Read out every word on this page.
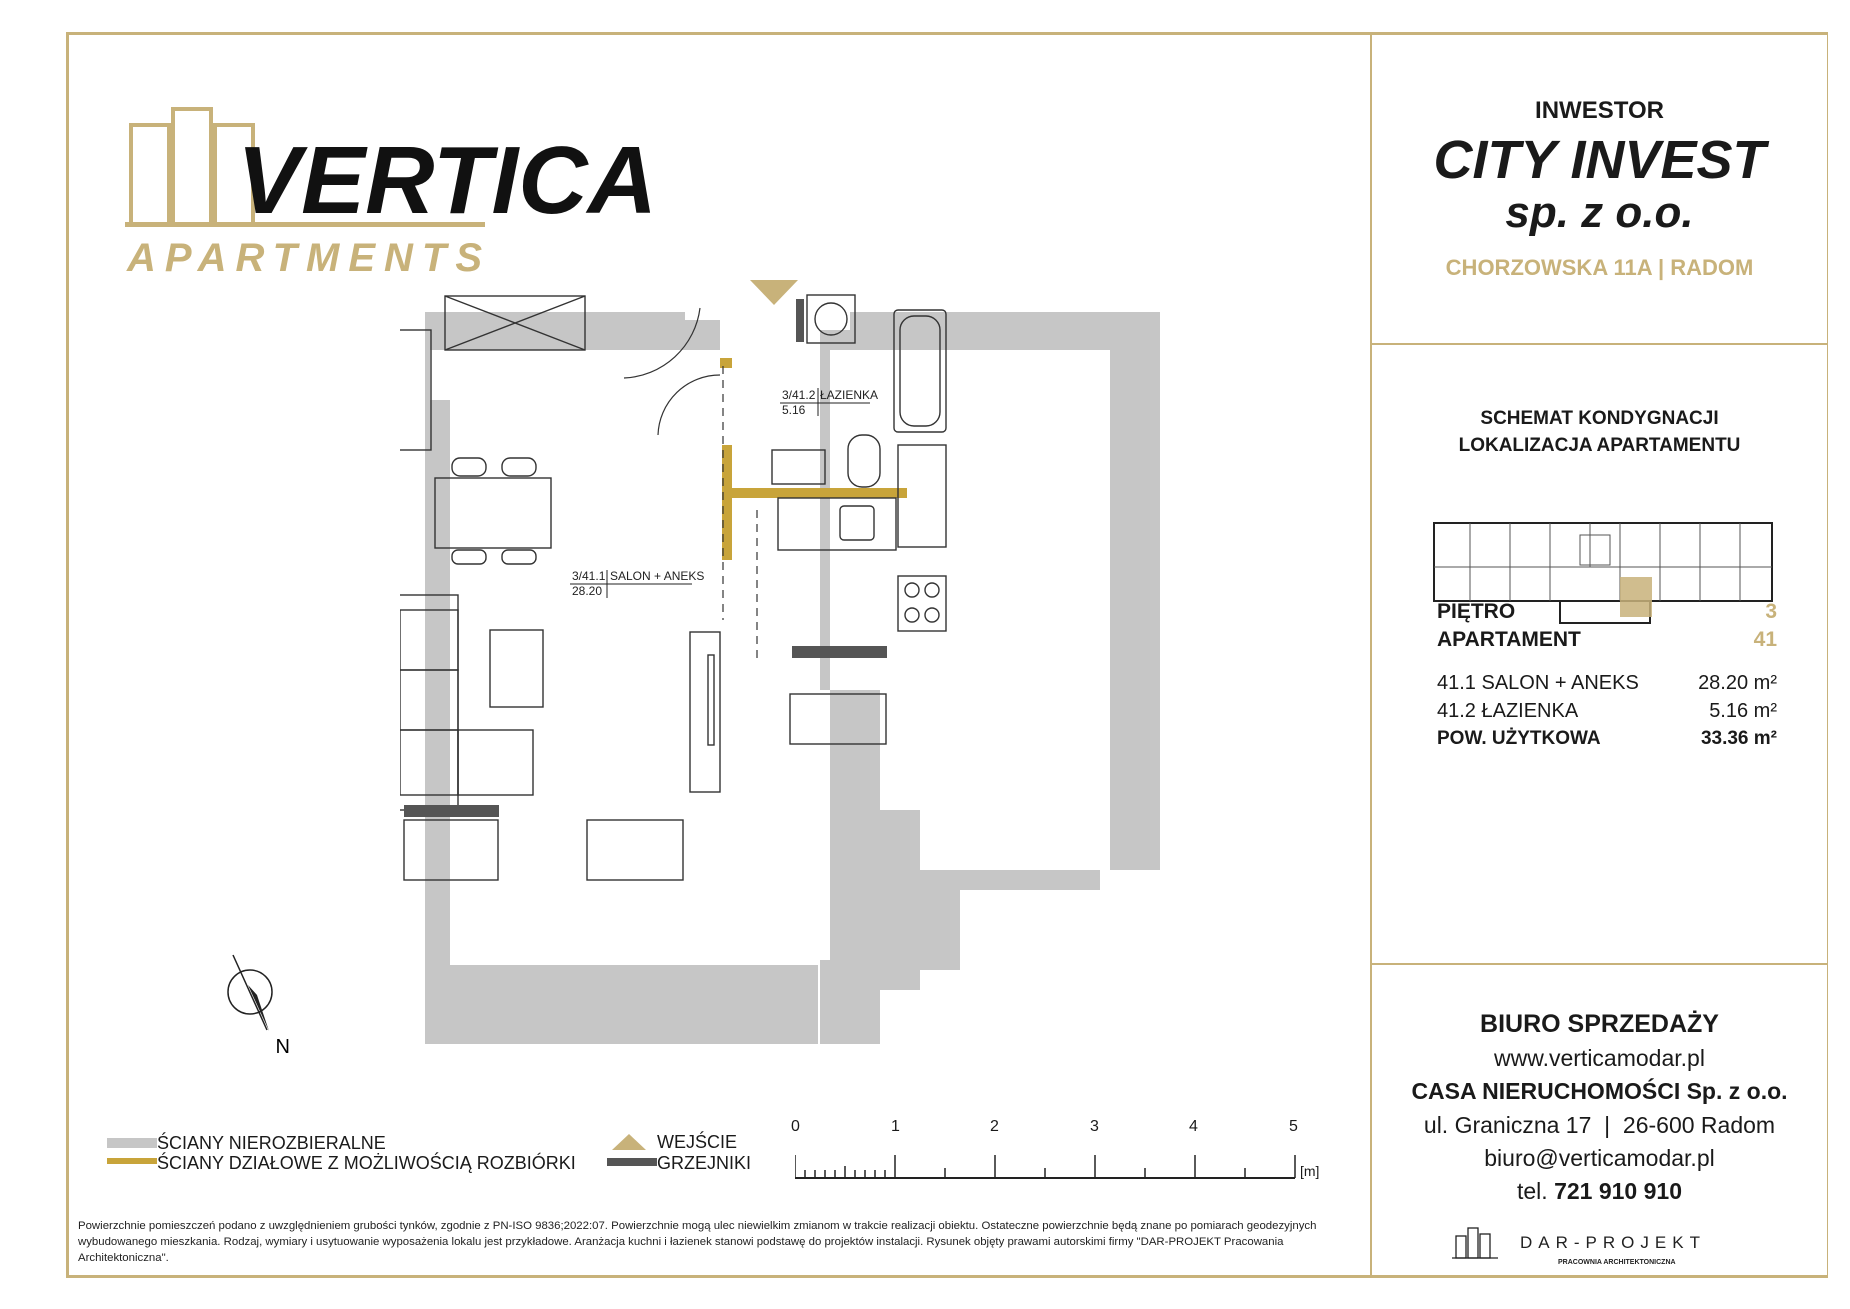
VERTICA
APARTMENTS
3/41.1 SALON + ANEKS
28.20
3/41.2 ŁAZIENKA
5.16
N
ŚCIANY NIEROZBIERALNE
ŚCIANY DZIAŁOWE Z MOŻLIWOŚCIĄ ROZBIÓRKI
WEJŚCIE
GRZEJNIKI
0	1	2	3	4	5
[m]
Powierzchnie pomieszczeń podano z uwzględnieniem grubości tynków, zgodnie z PN-ISO 9836;2022:07. Powierzchnie mogą ulec niewielkim zmianom w trakcie realizacji obiektu. Ostateczne powierzchnie będą znane po pomiarach geodezyjnych wybudowanego mieszkania. Rodzaj, wymiary i usytuowanie wyposażenia lokalu jest przykładowe. Aranżacja kuchni i łazienek stanowi podstawę do projektów instalacji. Rysunek objęty prawami autorskimi firmy "DAR-PROJEKT Pracowania Architektoniczna".
INWESTOR
CITY INVEST
sp. z o.o.
CHORZOWSKA 11A | RADOM
SCHEMAT KONDYGNACJI
LOKALIZACJA APARTAMENTU
PIĘTRO	3
APARTAMENT	41
41.1 SALON + ANEKS	28.20 m²
41.2 ŁAZIENKA	5.16 m²
POW. UŻYTKOWA	33.36 m²
BIURO SPRZEDAŻY
www.verticamodar.pl
CASA NIERUCHOMOŚCI Sp. z o.o.
ul. Graniczna 17  |  26-600 Radom
biuro@verticamodar.pl
tel. 721 910 910
DAR-PROJEKT
PRACOWNIA ARCHITEKTONICZNA
